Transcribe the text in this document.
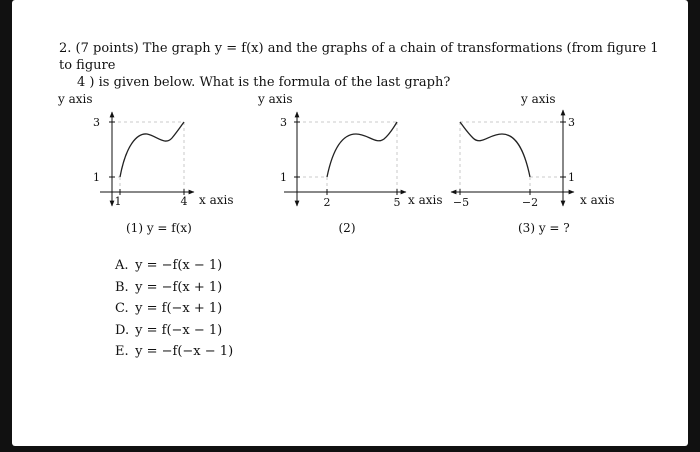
2. (7 points) The graph y = f(x) and the graphs of a chain of transformations (from figure 1 to figure
4 ) is given below. What is the formula of the last graph?
A. y = −f(x − 1)
B. y = −f(x + 1)
C. y = f(−x + 1)
D. y = f(−x − 1)
E. y = −f(−x − 1)
y axis
3
1
1	4 x axis
(1) y = f(x)
y axis
3
1
2	5 x axis
(2)
y axis
3
1
−5	−2	x axis
(3) y = ?
